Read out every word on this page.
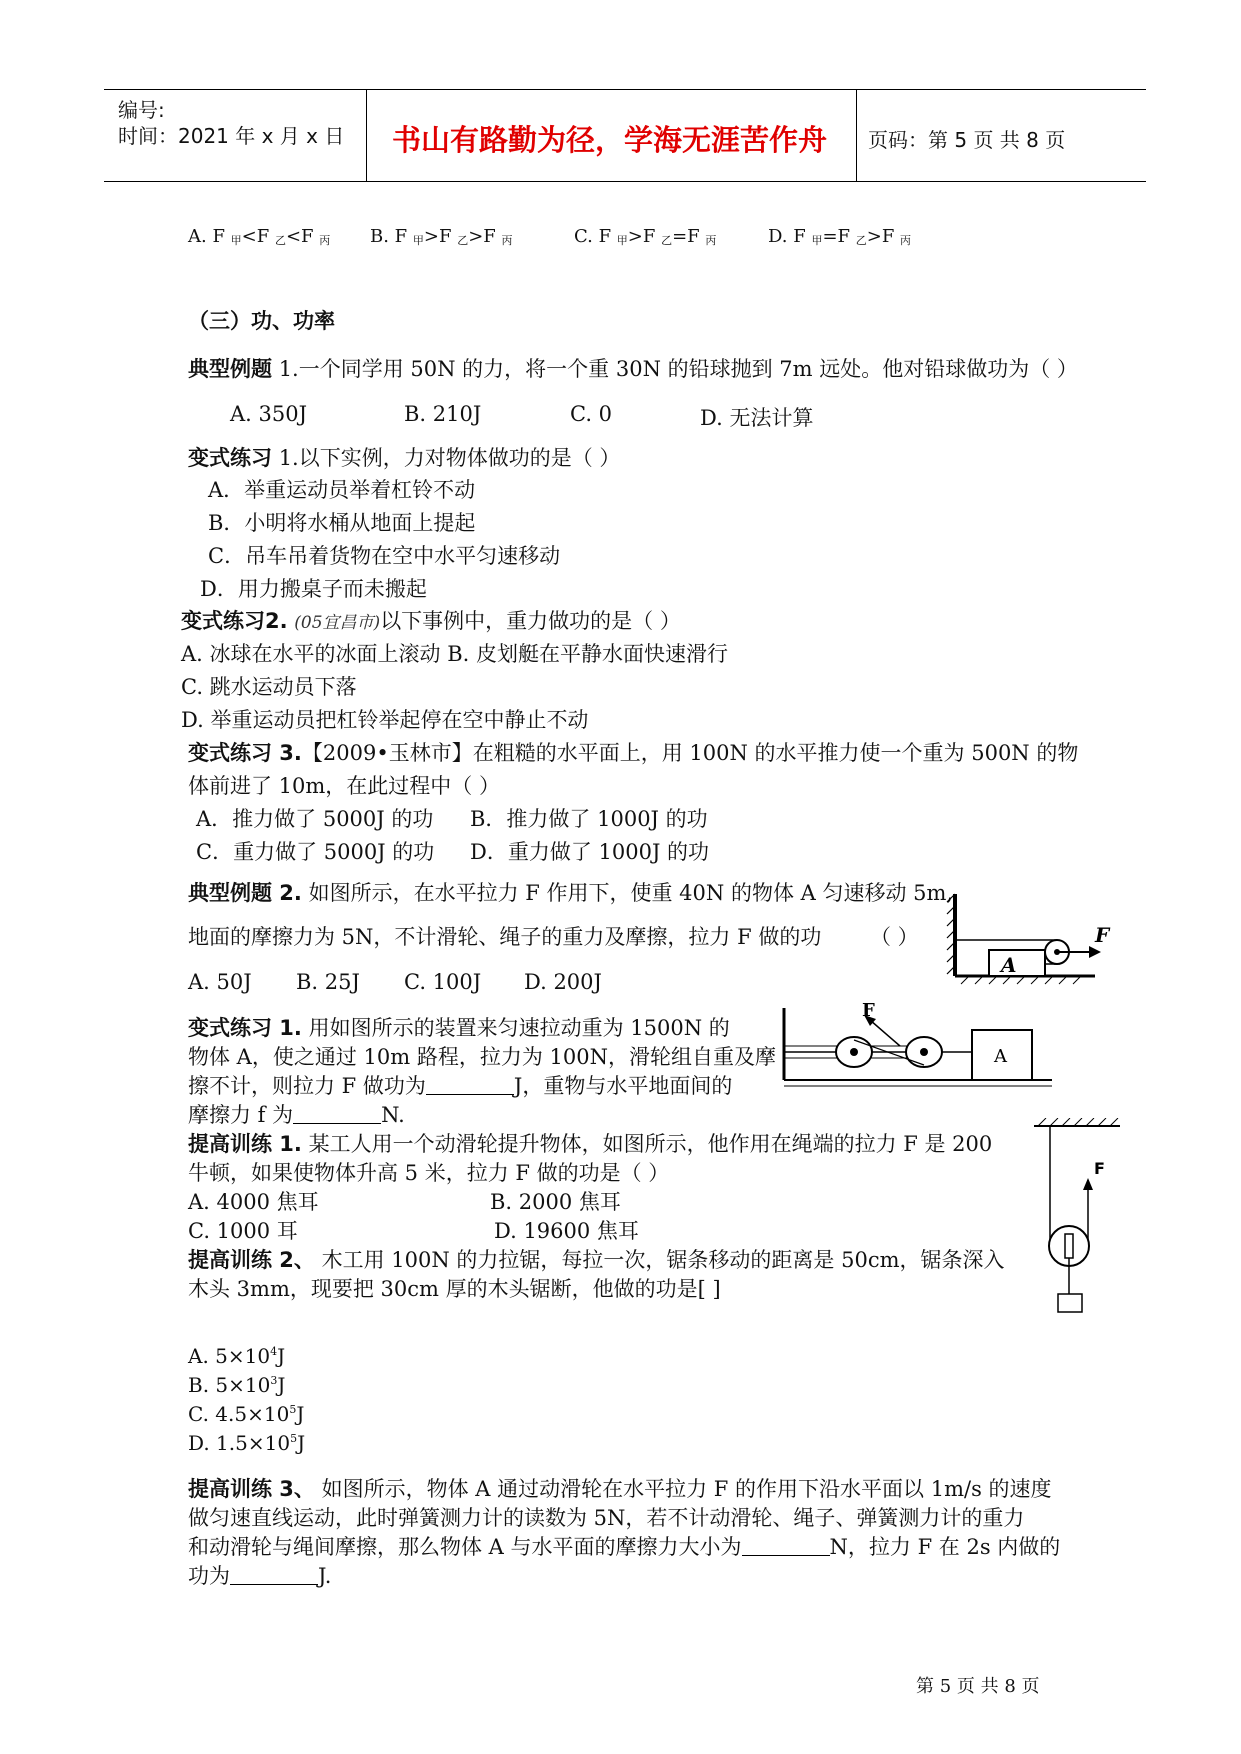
编号:
时间：2021 年 x 月 x 日 书山有路勤为径，学海无涯苦作舟 页码：第 5 页 共 8 页
A. F 甲<F 乙<F 丙 B. F 甲>F 乙>F 丙	C. F 甲>F 乙=F 丙	D. F 甲=F 乙>F 丙
（三）功、功率
典型例题 1.一个同学用 50N 的力，将一个重 30N 的铅球抛到 7m 远处。他对铅球做功为（ ）
A. 350J	B. 210J	C. 0	D. 无法计算
变式练习 1.以下实例，力对物体做功的是（ ）
A．举重运动员举着杠铃不动
B．小明将水桶从地面上提起
C．吊车吊着货物在空中水平匀速移动
D．用力搬桌子而未搬起
变式练习2. (05宜昌市)以下事例中，重力做功的是（ ）
A. 冰球在水平的冰面上滚动 B. 皮划艇在平静水面快速滑行
C. 跳水运动员下落
D. 举重运动员把杠铃举起停在空中静止不动
变式练习 3.【2009•玉林市】在粗糙的水平面上，用 100N 的水平推力使一个重为 500N 的物
体前进了 10m，在此过程中（ ）
A．推力做了 5000J 的功 B．推力做了 1000J 的功
C．重力做了 5000J 的功 D．重力做了 1000J 的功
典型例题 2. 如图所示，在水平拉力 F 作用下，使重 40N 的物体 A 匀速移动 5m,
地面的摩擦力为 5N，不计滑轮、绳子的重力及摩擦，拉力 F 做的功 （ ）
A. 50J B. 25J C. 100J D. 200J
A
F
变式练习 1. 用如图所示的装置来匀速拉动重为 1500N 的
物体 A，使之通过 10m 路程，拉力为 100N，滑轮组自重及摩
擦不计，则拉力 F 做功为	J，重物与水平地面间的
摩擦力 f 为	N.
F
A
提高训练 1. 某工人用一个动滑轮提升物体，如图所示，他作用在绳端的拉力 F 是 200
牛顿，如果使物体升高 5 米，拉力 F 做的功是（ ）
A. 4000 焦耳	B. 2000 焦耳
C. 1000 耳	D. 19600 焦耳
F
提高训练 2、 木工用 100N 的力拉锯，每拉一次，锯条移动的距离是 50cm，锯条深入
木头 3mm，现要把 30cm 厚的木头锯断，他做的功是[ ]
A. $5\times 10^4J$
B. $5\times 10^3J$
C. $4.5\times 10^5J$
D. $1.5\times 10^5J$
提高训练 3、 如图所示，物体 A 通过动滑轮在水平拉力 F 的作用下沿水平面以 1m/s 的速度
做匀速直线运动，此时弹簧测力计的读数为 5N，若不计动滑轮、绳子、弹簧测力计的重力
和动滑轮与绳间摩擦，那么物体 A 与水平面的摩擦力大小为	N，拉力 F 在 2s 内做的
功为	J.
第 5 页 共 8 页
